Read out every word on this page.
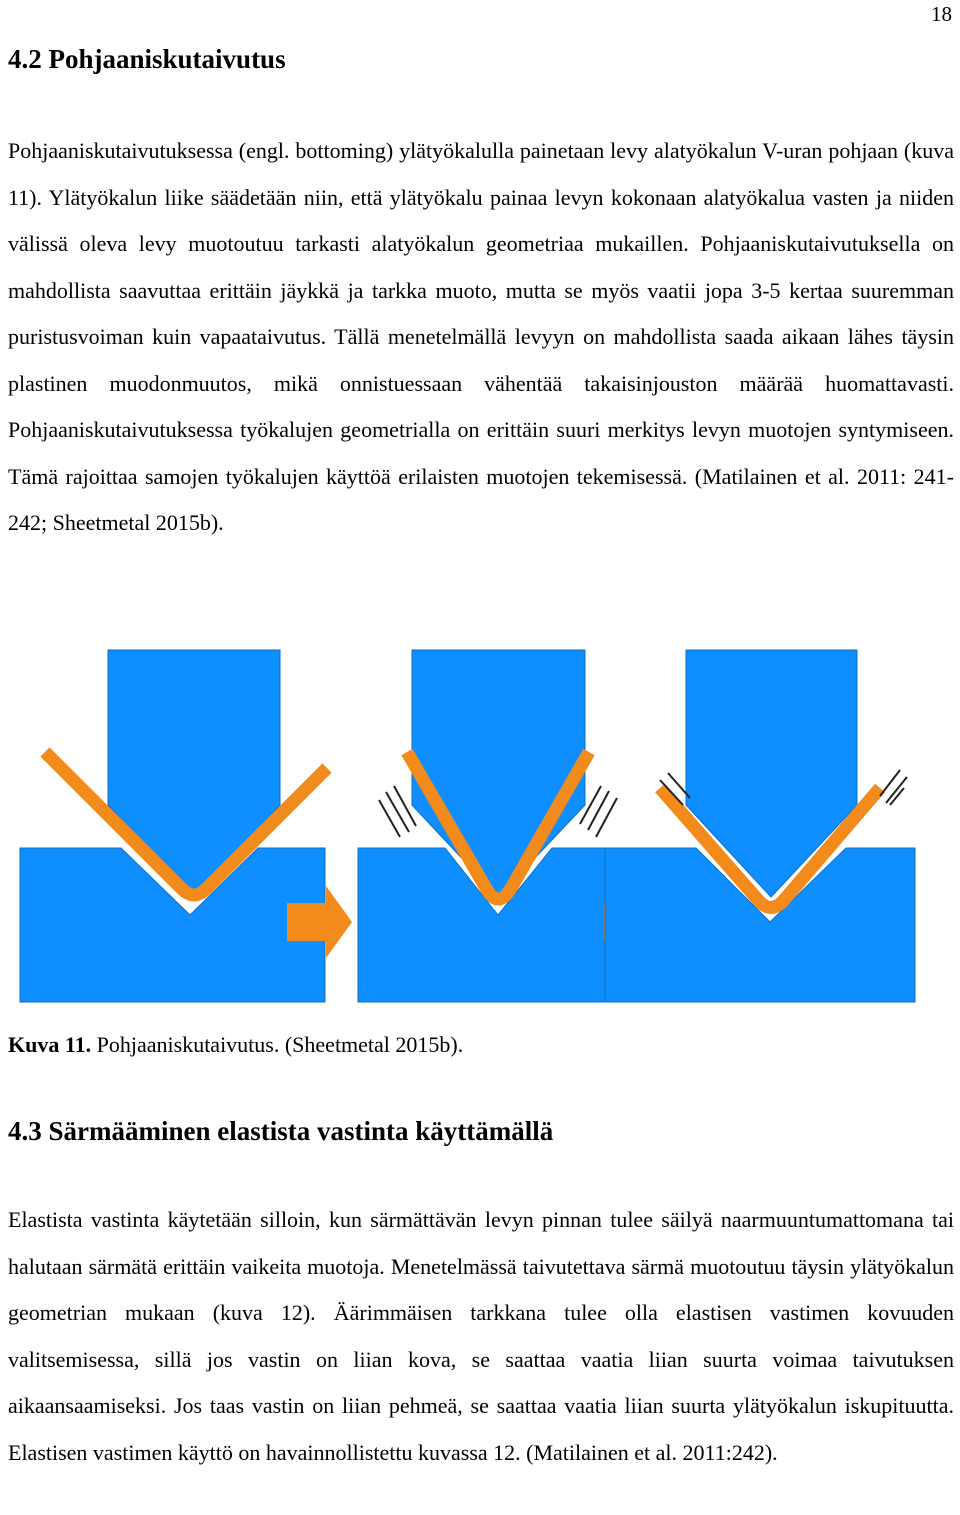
18
4.2 Pohjaaniskutaivutus

Pohjaaniskutaivutuksessa (engl. bottoming) ylätyökalulla painetaan levy alatyökalun V-uran pohjaan (kuva 11). Ylätyökalun liike säädetään niin, että ylätyökalu painaa levyn kokonaan alatyökalua vasten ja niiden välissä oleva levy muotoutuu tarkasti alatyökalun geometriaa mukaillen. Pohjaaniskutaivutuksella on mahdollista saavuttaa erittäin jäykkä ja tarkka muoto, mutta se myös vaatii jopa 3-5 kertaa suuremman puristusvoiman kuin vapaataivutus. Tällä menetelmällä levyyn on mahdollista saada aikaan lähes täysin plastinen muodonmuutos, mikä onnistuessaan vähentää takaisinjouston määrää huomattavasti. Pohjaaniskutaivutuksessa työkalujen geometrialla on erittäin suuri merkitys levyn muotojen syntymiseen. Tämä rajoittaa samojen työkalujen käyttöä erilaisten muotojen tekemisessä. (Matilainen et al. 2011: 241-242; Sheetmetal 2015b).

Kuva 11. Pohjaaniskutaivutus. (Sheetmetal 2015b).
4.3 Särmääminen elastista vastinta käyttämällä

Elastista vastinta käytetään silloin, kun särmättävän levyn pinnan tulee säilyä naarmuuntumattomana tai halutaan särmätä erittäin vaikeita muotoja. Menetelmässä taivutettava särmä muotoutuu täysin ylätyökalun geometrian mukaan (kuva 12). Äärimmäisen tarkkana tulee olla elastisen vastimen kovuuden valitsemisessa, sillä jos vastin on liian kova, se saattaa vaatia liian suurta voimaa taivutuksen aikaansaamiseksi. Jos taas vastin on liian pehmeä, se saattaa vaatia liian suurta ylätyökalun iskupituutta. Elastisen vastimen käyttö on havainnollistettu kuvassa 12. (Matilainen et al. 2011:242).
